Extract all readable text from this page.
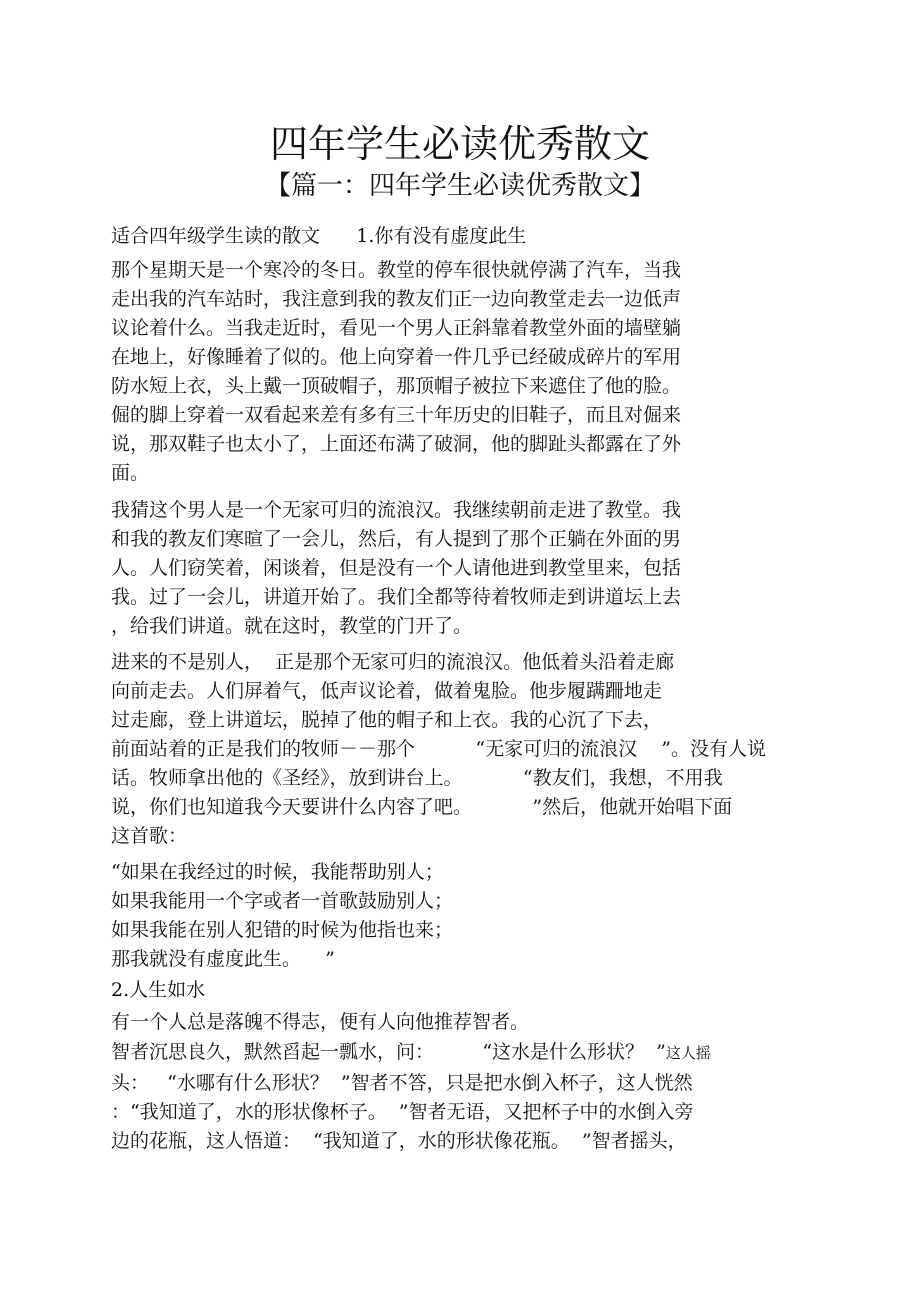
四年学生必读优秀散文
【篇一：四年学生必读优秀散文】

适合四年级学生读的散文      1.你有没有虚度此生

那个星期天是一个寒冷的冬日。教堂的停车很快就停满了汽车，当我

走出我的汽车站时，我注意到我的教友们正一边向教堂走去一边低声

议论着什么。当我走近时，看见一个男人正斜靠着教堂外面的墙壁躺

在地上，好像睡着了似的。他上向穿着一件几乎已经破成碎片的军用

防水短上衣，头上戴一顶破帽子，那顶帽子被拉下来遮住了他的脸。

倔的脚上穿着一双看起来差有多有三十年历史的旧鞋子，而且对倔来

说，那双鞋子也太小了，上面还布满了破洞，他的脚趾头都露在了外

面。

我猜这个男人是一个无家可归的流浪汉。我继续朝前走进了教堂。我

和我的教友们寒暄了一会儿，然后，有人提到了那个正躺在外面的男

人。人们窃笑着，闲谈着，但是没有一个人请他进到教堂里来，包括

我。过了一会儿，讲道开始了。我们全都等待着牧师走到讲道坛上去

，给我们讲道。就在这时，教堂的门开了。

进来的不是别人，  正是那个无家可归的流浪汉。他低着头沿着走廊

向前走去。人们屏着气，低声议论着，做着鬼脸。他步履蹒跚地走

过走廊，登上讲道坛，脱掉了他的帽子和上衣。我的心沉了下去，

前面站着的正是我们的牧师－－那个          “无家可归的流浪汉    ”。没有人说

话。牧师拿出他的《圣经》，放到讲台上。          “教友们，我想，不用我

说，你们也知道我今天要讲什么内容了吧。          ”然后，他就开始唱下面

这首歌：

“如果在我经过的时候，我能帮助别人；

如果我能用一个字或者一首歌鼓励别人；

如果我能在别人犯错的时候为他指也来；

那我就没有虚度此生。    ”

2.人生如水

有一个人总是落魄不得志，便有人向他推荐智者。

智者沉思良久，默然舀起一瓢水，问：        “这水是什么形状？  ”这人摇

头：   “水哪有什么形状？  ”智者不答，只是把水倒入杯子，这人恍然

：“我知道了，水的形状像杯子。  ”智者无语，又把杯子中的水倒入旁

边的花瓶，这人悟道：  “我知道了，水的形状像花瓶。  ”智者摇头，
